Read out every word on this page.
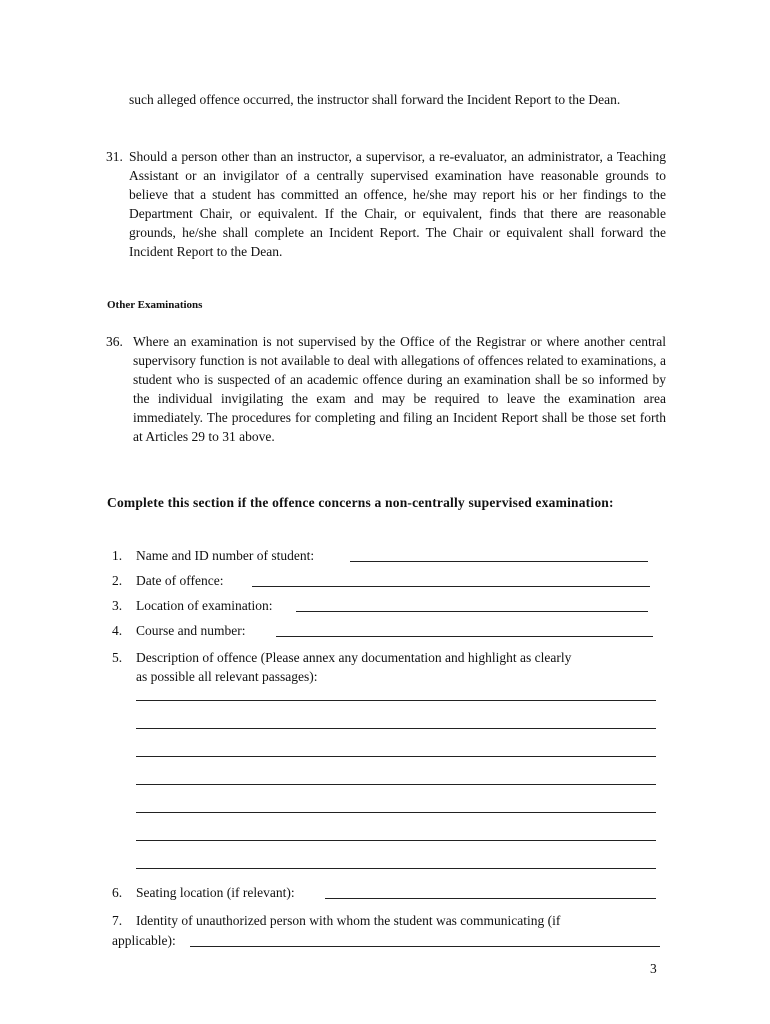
such alleged offence occurred, the instructor shall forward the Incident Report to the Dean.
31. Should a person other than an instructor, a supervisor, a re-evaluator, an administrator, a Teaching Assistant or an invigilator of a centrally supervised examination have reasonable grounds to believe that a student has committed an offence, he/she may report his or her findings to the Department Chair, or equivalent. If the Chair, or equivalent, finds that there are reasonable grounds, he/she shall complete an Incident Report. The Chair or equivalent shall forward the Incident Report to the Dean.
Other Examinations
36. Where an examination is not supervised by the Office of the Registrar or where another central supervisory function is not available to deal with allegations of offences related to examinations, a student who is suspected of an academic offence during an examination shall be so informed by the individual invigilating the exam and may be required to leave the examination area immediately. The procedures for completing and filing an Incident Report shall be those set forth at Articles 29 to 31 above.
Complete this section if the offence concerns a non-centrally supervised examination:
1. Name and ID number of student:
2. Date of offence:
3. Location of examination:
4. Course and number:
5. Description of offence (Please annex any documentation and highlight as clearly
as possible all relevant passages):
6. Seating location (if relevant):
7. Identity of unauthorized person with whom the student was communicating (if
applicable):
3
